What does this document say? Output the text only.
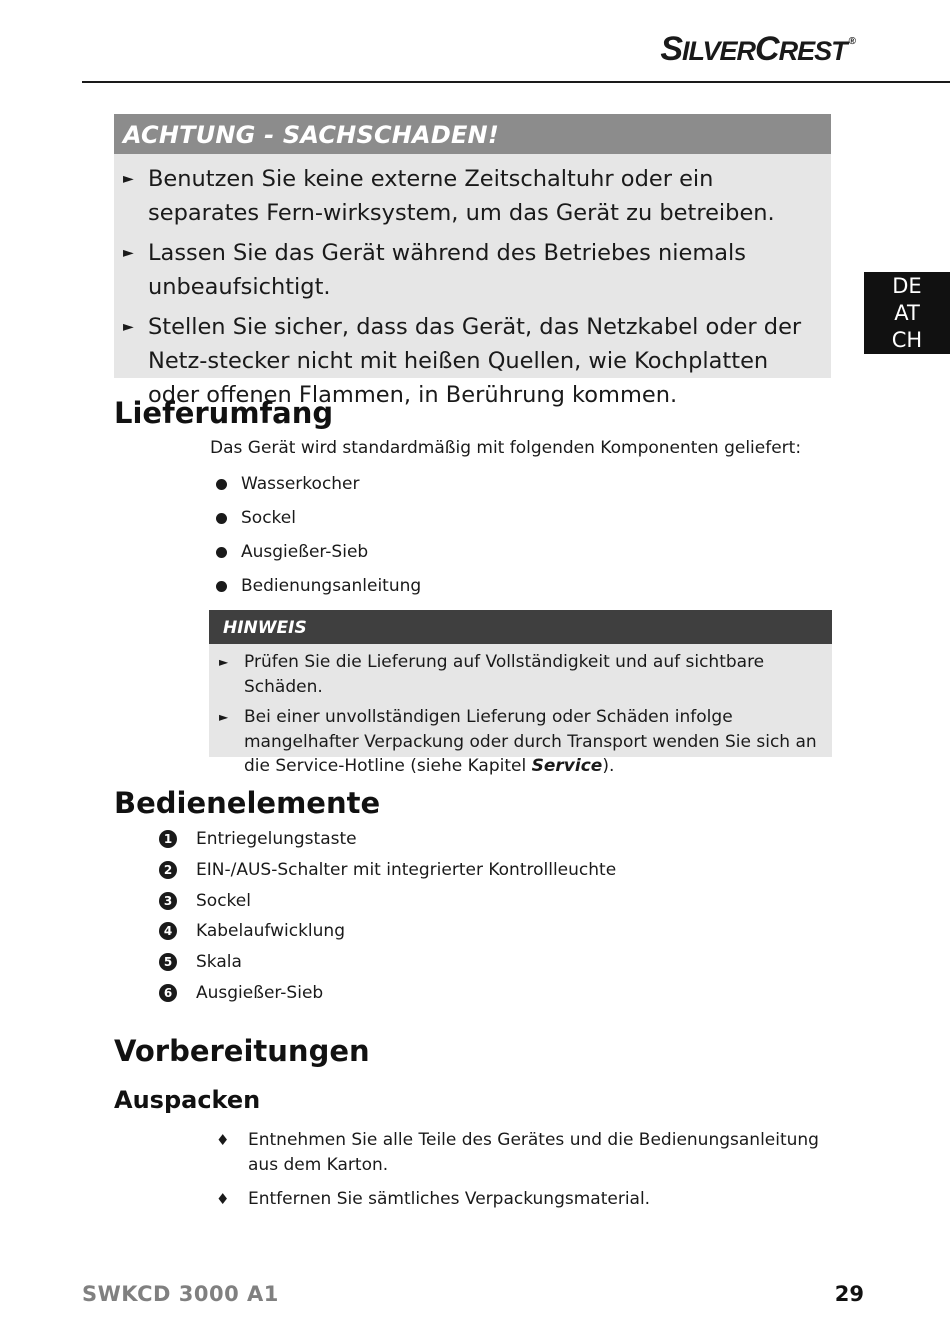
SILVERCREST ®
DE
AT
CH
ACHTUNG - SACHSCHADEN!
► Benutzen Sie keine externe Zeitschaltuhr oder ein separates Fern-wirksystem, um das Gerät zu betreiben.
► Lassen Sie das Gerät während des Betriebes niemals unbeaufsichtigt.
► Stellen Sie sicher, dass das Gerät, das Netzkabel oder der Netz-stecker nicht mit heißen Quellen, wie Kochplatten oder offenen Flammen, in Berührung kommen.
Lieferumfang
Das Gerät wird standardmäßig mit folgenden Komponenten geliefert:
Wasserkocher
Sockel
Ausgießer-Sieb
Bedienungsanleitung
HINWEIS
► Prüfen Sie die Lieferung auf Vollständigkeit und auf sichtbare Schäden.
► Bei einer unvollständigen Lieferung oder Schäden infolge mangelhafter Verpackung oder durch Transport wenden Sie sich an die Service-Hotline (siehe Kapitel Service).
Bedienelemente
1 Entriegelungstaste
2 EIN-/AUS-Schalter mit integrierter Kontrollleuchte
3 Sockel
4 Kabelaufwicklung
5 Skala
6 Ausgießer-Sieb
Vorbereitungen
Auspacken
♦ Entnehmen Sie alle Teile des Gerätes und die Bedienungsanleitung aus dem Karton.
♦ Entfernen Sie sämtliches Verpackungsmaterial.
SWKCD 3000 A1	29
